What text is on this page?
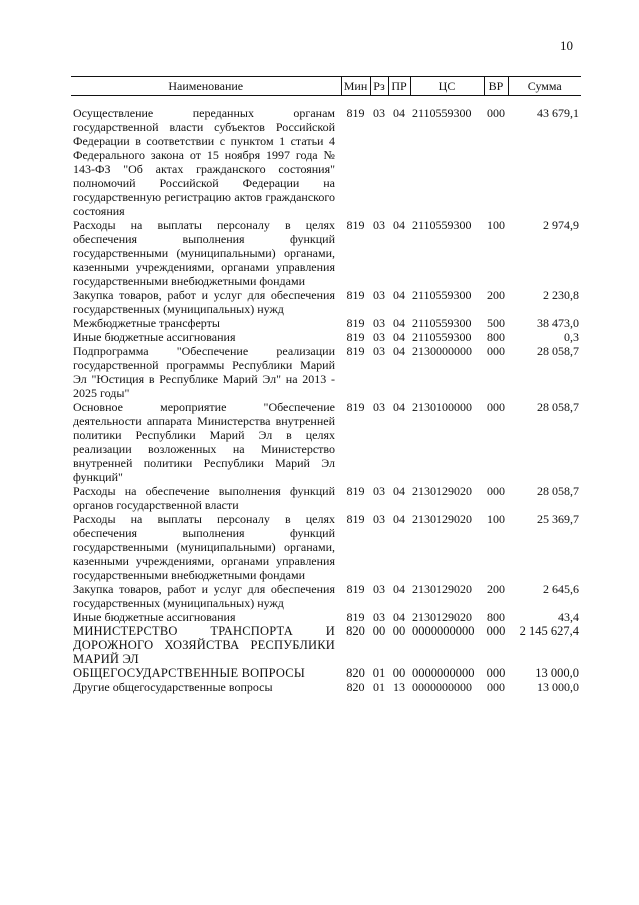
10
Наименование	Мин	Рз	ПР	ЦС	ВР	Сумма
Осуществление переданных органам государственной власти субъектов Российской Федерации в соответствии с пунктом 1 статьи 4 Федерального закона от 15 ноября 1997 года № 143-ФЗ "Об актах гражданского состояния" полномочий Российской Федерации на государственную регистрацию актов гражданского состояния	819	03	04	2110559300	000	43 679,1
Расходы на выплаты персоналу в целях обеспечения выполнения функций государственными (муниципальными) органами, казенными учреждениями, органами управления государственными внебюджетными фондами	819	03	04	2110559300	100	2 974,9
Закупка товаров, работ и услуг для обеспечения государственных (муниципальных) нужд	819	03	04	2110559300	200	2 230,8
Межбюджетные трансферты	819	03	04	2110559300	500	38 473,0
Иные бюджетные ассигнования	819	03	04	2110559300	800	0,3
Подпрограмма "Обеспечение реализации государственной программы Республики Марий Эл "Юстиция в Республике Марий Эл" на 2013 - 2025 годы"	819	03	04	2130000000	000	28 058,7
Основное мероприятие "Обеспечение деятельности аппарата Министерства внутренней политики Республики Марий Эл в целях реализации возложенных на Министерство внутренней политики Республики Марий Эл функций"	819	03	04	2130100000	000	28 058,7
Расходы на обеспечение выполнения функций органов государственной власти	819	03	04	2130129020	000	28 058,7
Расходы на выплаты персоналу в целях обеспечения выполнения функций государственными (муниципальными) органами, казенными учреждениями, органами управления государственными внебюджетными фондами	819	03	04	2130129020	100	25 369,7
Закупка товаров, работ и услуг для обеспечения государственных (муниципальных) нужд	819	03	04	2130129020	200	2 645,6
Иные бюджетные ассигнования	819	03	04	2130129020	800	43,4
МИНИСТЕРСТВО ТРАНСПОРТА И ДОРОЖНОГО ХОЗЯЙСТВА РЕСПУБЛИКИ МАРИЙ ЭЛ	820	00	00	0000000000	000	2 145 627,4
ОБЩЕГОСУДАРСТВЕННЫЕ ВОПРОСЫ	820	01	00	0000000000	000	13 000,0
Другие общегосударственные вопросы	820	01	13	0000000000	000	13 000,0
